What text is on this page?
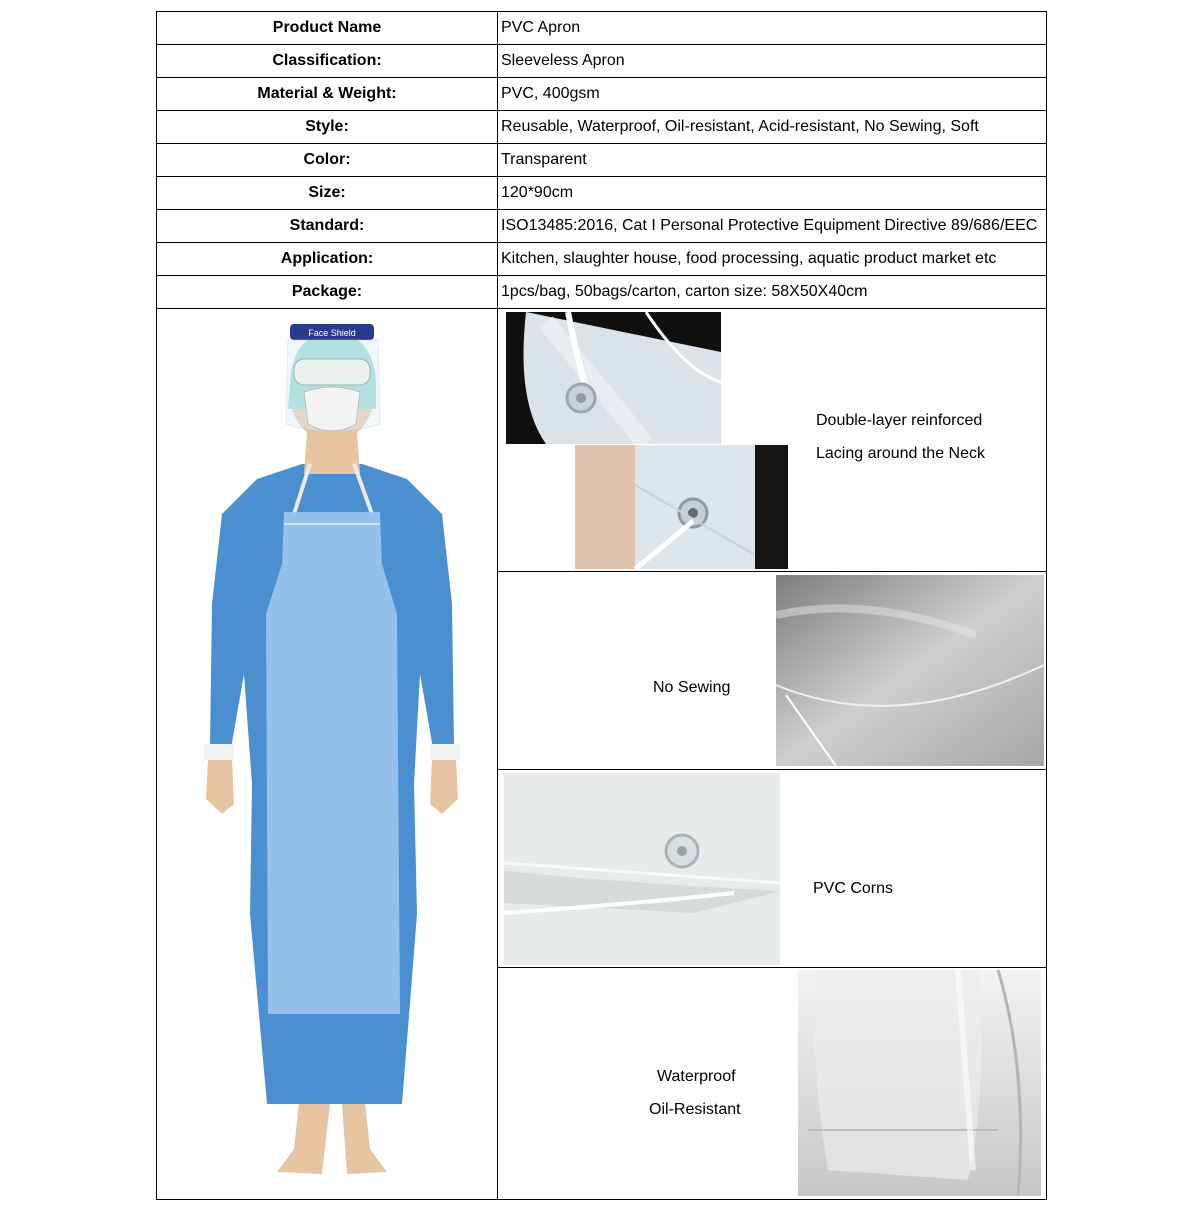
Product Name	PVC Apron
Classification:	Sleeveless Apron
Material & Weight:	PVC, 400gsm
Style:	Reusable, Waterproof, Oil-resistant, Acid-resistant, No Sewing, Soft
Color:	Transparent
Size:	120*90cm
Standard:	ISO13485:2016, Cat I Personal Protective Equipment Directive 89/686/EEC
Application:	Kitchen, slaughter house, food processing, aquatic product market etc
Package:	1pcs/bag, 50bags/carton, carton size: 58X50X40cm
Face Shield
Double-layer reinforced
Lacing around the Neck
No Sewing
PVC Corns
Waterproof
Oil-Resistant
